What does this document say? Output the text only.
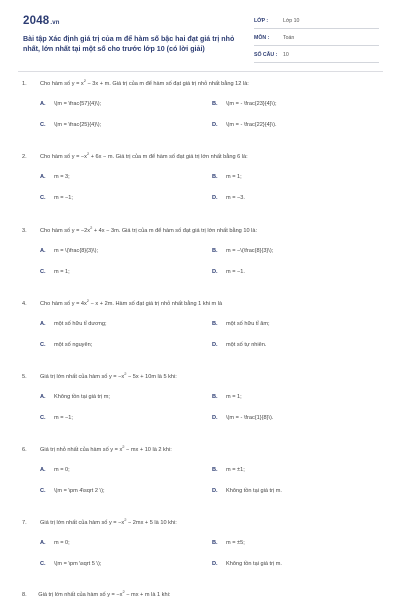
2048.vn
Bài tập Xác định giá trị của m để hàm số bậc hai đạt giá trị nhỏ nhất, lớn nhất tại một số cho trước lớp 10 (có lời giải)
LỚP :	Lớp 10
MÔN :	Toán
SỐ CÂU : 10
1. Cho hàm số $y = x^2 - 3x + m$. Giá trị của m để hàm số đạt giá trị nhỏ nhất bằng 12 là:
A. \(m = \frac{57}{4}\);	B. \(m = - \frac{23}{4}\);
C. \(m = \frac{25}{4}\);	D. \(m = - \frac{22}{4}\).
2. Cho hàm số $y = -x^2 + 6x - m$. Giá trị của m để hàm số đạt giá trị lớn nhất bằng 6 là:
A. m = 3;	B. m = 1;
C. m = −1;	D. m = −3.
3. Cho hàm số $y = -2x^2 + 4x - 3m$. Giá trị của m để hàm số đạt giá trị lớn nhất bằng 10 là:
A. m = \(\frac{8}{3}\);	B. m = −\(\frac{8}{3}\);
C. m = 1;	D. m = −1.
4. Cho hàm số $y = 4x^2 - x + 2m$. Hàm số đạt giá trị nhỏ nhất bằng 1 khi m là
A. một số hữu tỉ dương;	B. một số hữu tỉ âm;
C. một số nguyên;	D. một số tự nhiên.
5. Giá trị lớn nhất của hàm số $y = -x^2 - 5x + 10m$ là 5 khi:
A. Không tồn tại giá trị m;	B. m = 1;
C. m = −1;	D. \(m = - \frac{1}{8}\).
6. Giá trị nhỏ nhất của hàm số $y = x^2$ − mx + 10 là 2 khi:
A. m = 0;	B. m = ±1;
C. \(m = \pm 4\sqrt 2 \);	D. Không tồn tại giá trị m.
7. Giá trị lớn nhất của hàm số $y = -x^2 - 2mx + 5$ là 10 khi:
A. m = 0;	B. m = ±5;
C. \(m = \pm \sqrt 5 \);	D. Không tồn tại giá trị m.
8. Giá trị lớn nhất của hàm số $y = -x^2$ − mx + m là 1 khi:
